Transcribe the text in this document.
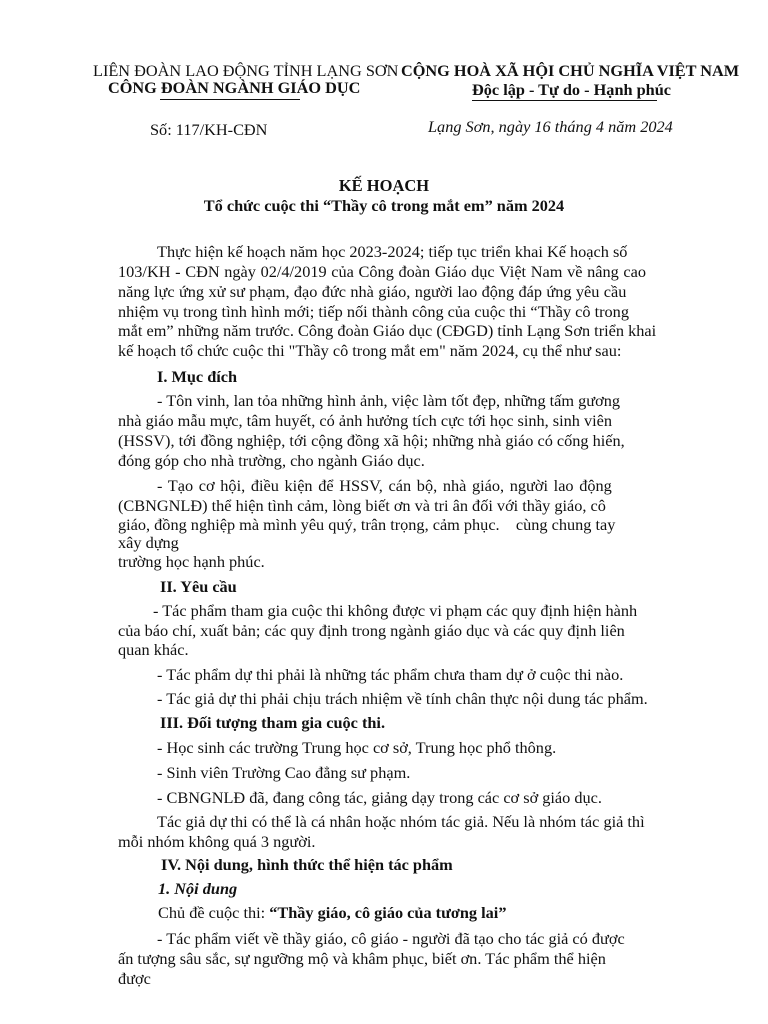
LIÊN ĐOÀN LAO ĐỘNG TỈNH LẠNG SƠN
CÔNG ĐOÀN NGÀNH GIÁO DỤC
CỘNG HOÀ XÃ HỘI CHỦ NGHĨA VIỆT NAM
Độc lập - Tự do - Hạnh phúc
Số: 117/KH-CĐN	Lạng Sơn, ngày 16 tháng 4 năm 2024
KẾ HOẠCH
Tổ chức cuộc thi “Thầy cô trong mắt em” năm 2024
Thực hiện kế hoạch năm học 2023-2024; tiếp tục triển khai Kế hoạch số
103/KH - CĐN ngày 02/4/2019 của Công đoàn Giáo dục Việt Nam về nâng cao
năng lực ứng xử sư phạm, đạo đức nhà giáo, người lao động đáp ứng yêu cầu
nhiệm vụ trong tình hình mới; tiếp nối thành công của cuộc thi “Thầy cô trong
mắt em” những năm trước. Công đoàn Giáo dục (CĐGD) tỉnh Lạng Sơn triển khai
kế hoạch tổ chức cuộc thi "Thầy cô trong mắt em" năm 2024, cụ thể như sau:
I. Mục đích
- Tôn vinh, lan tỏa những hình ảnh, việc làm tốt đẹp, những tấm gương
nhà giáo mẫu mực, tâm huyết, có ảnh hưởng tích cực tới học sinh, sinh viên
(HSSV), tới đồng nghiệp, tới cộng đồng xã hội; những nhà giáo có cống hiến,
đóng góp cho nhà trường, cho ngành Giáo dục.
- Tạo cơ hội, điều kiện để HSSV, cán bộ, nhà giáo, người lao động
(CBNGNLĐ) thể hiện tình cảm, lòng biết ơn và tri ân đối với thầy giáo, cô
giáo, đồng nghiệp mà mình yêu quý, trân trọng, cảm phục.    cùng chung tay
xây dựng
trường học hạnh phúc.
II. Yêu cầu
- Tác phẩm tham gia cuộc thi không được vi phạm các quy định hiện hành
của báo chí, xuất bản; các quy định trong ngành giáo dục và các quy định liên
quan khác.
- Tác phẩm dự thi phải là những tác phẩm chưa tham dự ở cuộc thi nào.
- Tác giả dự thi phải chịu trách nhiệm về tính chân thực nội dung tác phẩm.
III. Đối tượng tham gia cuộc thi.
- Học sinh các trường Trung học cơ sở, Trung học phổ thông.
- Sinh viên Trường Cao đẳng sư phạm.
- CBNGNLĐ đã, đang công tác, giảng dạy trong các cơ sở giáo dục.
Tác giả dự thi có thể là cá nhân hoặc nhóm tác giả. Nếu là nhóm tác giả thì
mỗi nhóm không quá 3 người.
IV. Nội dung, hình thức thể hiện tác phẩm
1. Nội dung
Chủ đề cuộc thi: “Thầy giáo, cô giáo của tương lai”
- Tác phẩm viết về thầy giáo, cô giáo - người đã tạo cho tác giả có được
ấn tượng sâu sắc, sự ngưỡng mộ và khâm phục, biết ơn. Tác phẩm thể hiện
được
